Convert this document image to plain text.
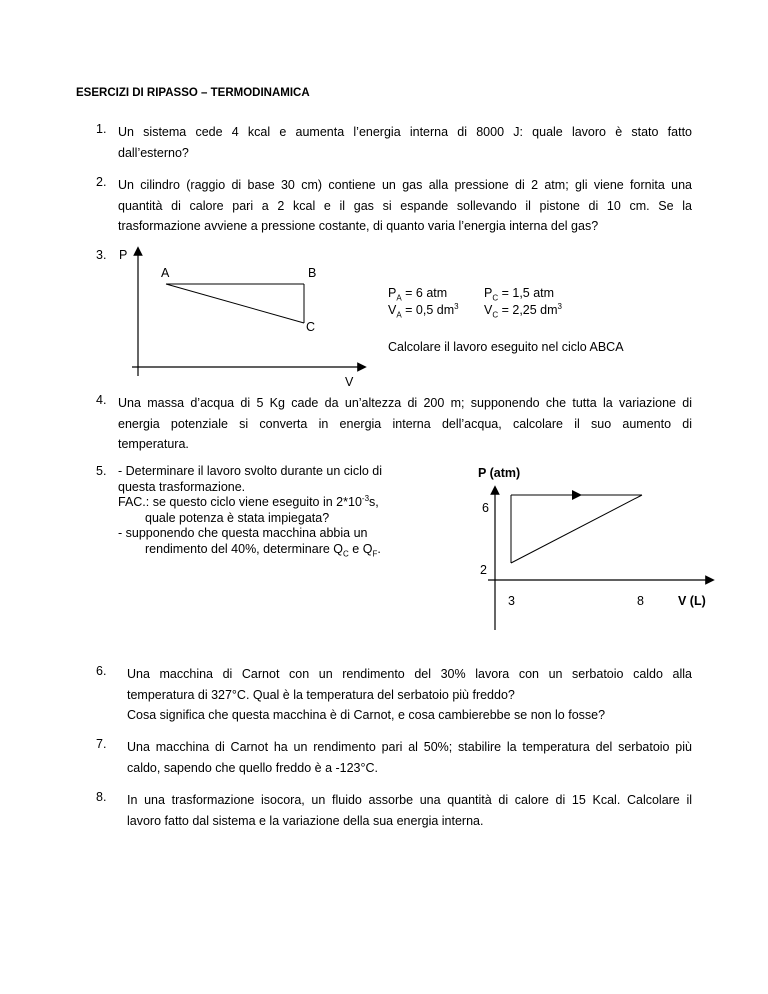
ESERCIZI DI RIPASSO – TERMODINAMICA
1. Un sistema cede 4 kcal e aumenta l’energia interna di 8000 J: quale lavoro è stato fatto
dall’esterno?
2. Un cilindro (raggio di base 30 cm) contiene un gas alla pressione di 2 atm; gli viene fornita una
quantità di calore pari a 2 kcal e il gas si espande sollevando il pistone di 10 cm. Se la
trasformazione avviene a pressione costante, di quanto varia l’energia interna del gas?
3.	P
A	B
C
V
$P_A = 6$ atm
$V_A = 0,5$ $dm^3$
$P_C = 1,5$ atm
$V_C = 2,25$ $dm^3$
Calcolare il lavoro eseguito nel ciclo ABCA
4. Una massa d’acqua di 5 Kg cade da un’altezza di 200 m; supponendo che tutta la variazione di
energia potenziale si converta in energia interna dell’acqua, calcolare il suo aumento di
temperatura.
5. - Determinare il lavoro svolto durante un ciclo di
questa trasformazione.
FAC.: se questo ciclo viene eseguito in $2*10^{-3}s$,
quale potenza è stata impiegata?
- supponendo che questa macchina abbia un
rendimento del 40%, determinare $Q_C$ e $Q_F$.
P (atm)
6
2
3	8	V (L)
6.	Una macchina di Carnot con un rendimento del 30% lavora con un serbatoio caldo alla
temperatura di 327°C. Qual è la temperatura del serbatoio più freddo?
Cosa significa che questa macchina è di Carnot, e cosa cambierebbe se non lo fosse?
7.	Una macchina di Carnot ha un rendimento pari al 50%; stabilire la temperatura del serbatoio più
caldo, sapendo che quello freddo è a -123°C.
8.	In una trasformazione isocora, un fluido assorbe una quantità di calore di 15 Kcal. Calcolare il
lavoro fatto dal sistema e la variazione della sua energia interna.
